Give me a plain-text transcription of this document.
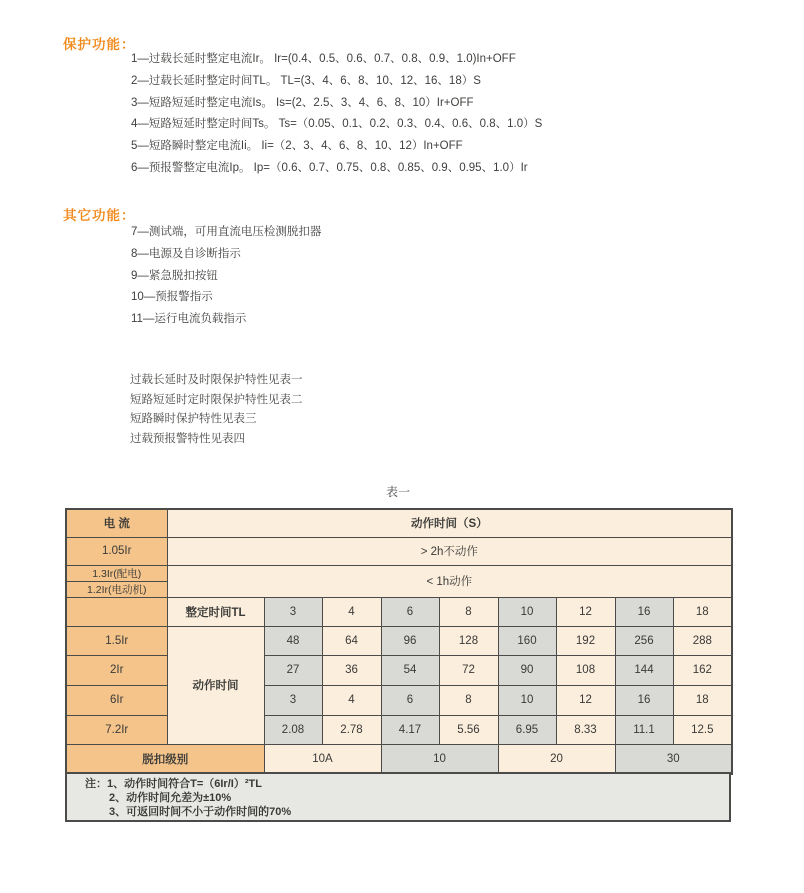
保护功能：
1—过载长延时整定电流Ir。 Ir=(0.4、0.5、0.6、0.7、0.8、0.9、1.0)In+OFF
2—过载长延时整定时间TL。 TL=(3、4、6、8、10、12、16、18）S
3—短路短延时整定电流Is。 Is=(2、2.5、3、4、6、8、10）Ir+OFF
4—短路短延时整定时间Ts。 Ts=（0.05、0.1、0.2、0.3、0.4、0.6、0.8、1.0）S
5—短路瞬时整定电流Ii。 Ii=（2、3、4、6、8、10、12）In+OFF
6—预报警整定电流Ip。 Ip=（0.6、0.7、0.75、0.8、0.85、0.9、0.95、1.0）Ir
其它功能：
7—测试端，可用直流电压检测脱扣器
8—电源及自诊断指示
9—紧急脱扣按钮
10—预报警指示
11—运行电流负载指示
过载长延时及时限保护特性见表一
短路短延时定时限保护特性见表二
短路瞬时保护特性见表三
过载预报警特性见表四
表一
电 流	动作时间（S）								
1.05Ir	> 2h不动作								
1.3Ir(配电)	< 1h动作								
1.2Ir(电动机)									
	整定时间TL	3	4	6	8	10	12	16	18
1.5Ir	动作时间	48	64	96	128	160	192	256	288
2Ir		27	36	54	72	90	108	144	162
6Ir		3	4	6	8	10	12	16	18
7.2Ir		2.08	2.78	4.17	5.56	6.95	8.33	11.1	12.5
脱扣级别		10A		10		20		30	
注：1、动作时间符合T=（6Ir/I）²TL
2、动作时间允差为±10%
3、可返回时间不小于动作时间的70%
